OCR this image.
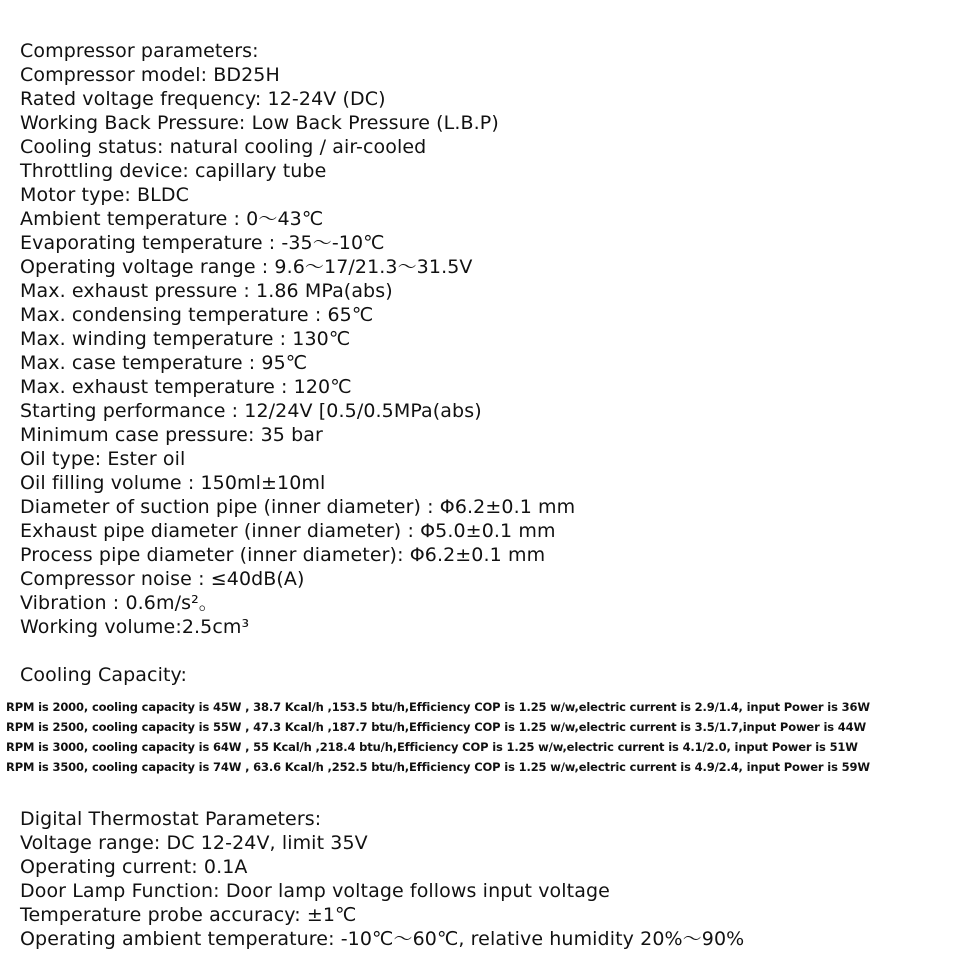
Compressor parameters:
Compressor model: BD25H
Rated voltage frequency: 12-24V (DC)
Working Back Pressure: Low Back Pressure (L.B.P)
Cooling status: natural cooling / air-cooled
Throttling device: capillary tube
Motor type: BLDC
Ambient temperature : 0～43℃
Evaporating temperature : -35～-10℃
Operating voltage range : 9.6～17/21.3～31.5V
Max. exhaust pressure : 1.86 MPa(abs)
Max. condensing temperature : 65℃
Max. winding temperature : 130℃
Max. case temperature : 95℃
Max. exhaust temperature : 120℃
Starting performance : 12/24V [0.5/0.5MPa(abs)
Minimum case pressure: 35 bar
Oil type: Ester oil
Oil filling volume : 150ml±10ml
Diameter of suction pipe (inner diameter) : Φ6.2±0.1 mm
Exhaust pipe diameter (inner diameter) : Φ5.0±0.1 mm
Process pipe diameter (inner diameter): Φ6.2±0.1 mm
Compressor noise : ≤40dB(A)
Vibration : 0.6m/s²。
Working volume:2.5cm³
Cooling Capacity:
RPM is 2000, cooling capacity is 45W , 38.7 Kcal/h ,153.5 btu/h,Efficiency COP is 1.25 w/w,electric current is 2.9/1.4, input Power is 36W
RPM is 2500, cooling capacity is 55W , 47.3 Kcal/h ,187.7 btu/h,Efficiency COP is 1.25 w/w,electric current is 3.5/1.7,input Power is 44W
RPM is 3000, cooling capacity is 64W , 55 Kcal/h ,218.4 btu/h,Efficiency COP is 1.25 w/w,electric current is 4.1/2.0, input Power is 51W
RPM is 3500, cooling capacity is 74W , 63.6 Kcal/h ,252.5 btu/h,Efficiency COP is 1.25 w/w,electric current is 4.9/2.4, input Power is 59W
Digital Thermostat Parameters:
Voltage range: DC 12-24V, limit 35V
Operating current: 0.1A
Door Lamp Function: Door lamp voltage follows input voltage
Temperature probe accuracy: ±1℃
Operating ambient temperature: -10℃～60℃, relative humidity 20%～90%
